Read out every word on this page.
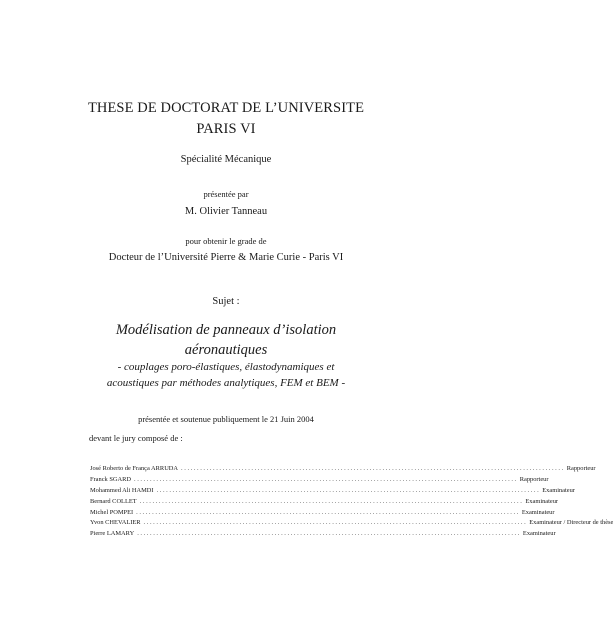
THESE DE DOCTORAT DE L’UNIVERSITE
PARIS VI
Spécialité Mécanique
présentée par
M. Olivier Tanneau
pour obtenir le grade de
Docteur de l’Université Pierre & Marie Curie - Paris VI
Sujet :
Modélisation de panneaux d’isolation
aéronautiques
- couplages poro-élastiques, élastodynamiques et
acoustiques par méthodes analytiques, FEM et BEM -
présentée et soutenue publiquement le 21 Juin 2004
devant le jury composé de :
José Roberto de França ARRUDA ........................................................................................................................ Rapporteur
Franck SGARD ........................................................................................................................ Rapporteur
Mohammed Ali HAMDI ........................................................................................................................ Examinateur
Bernard COLLET ........................................................................................................................ Examinateur
Michel POMPEI ........................................................................................................................ Examinateur
Yvon CHEVALIER ........................................................................................................................ Examinateur / Directeur de thèse
Pierre LAMARY ........................................................................................................................ Examinateur
